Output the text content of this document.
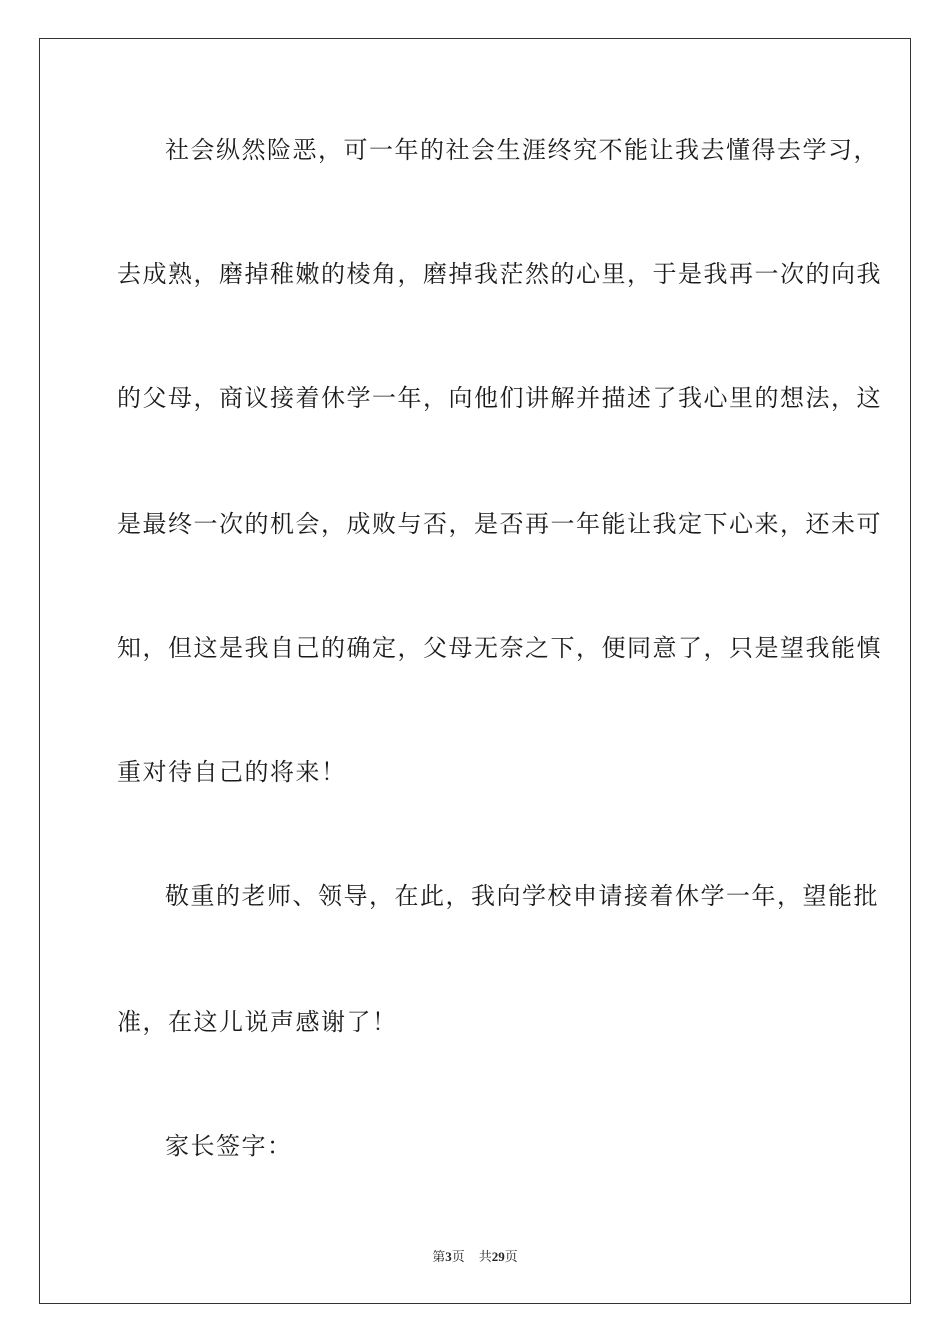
社会纵然险恶，可一年的社会生涯终究不能让我去懂得去学习，
去成熟，磨掉稚嫩的棱角，磨掉我茫然的心里，于是我再一次的向我
的父母，商议接着休学一年，向他们讲解并描述了我心里的想法，这
是最终一次的机会，成败与否，是否再一年能让我定下心来，还未可
知，但这是我自己的确定，父母无奈之下，便同意了，只是望我能慎
重对待自己的将来！
敬重的老师、领导，在此，我向学校申请接着休学一年，望能批
准，在这儿说声感谢了！
家长签字：
第3页 共29页
